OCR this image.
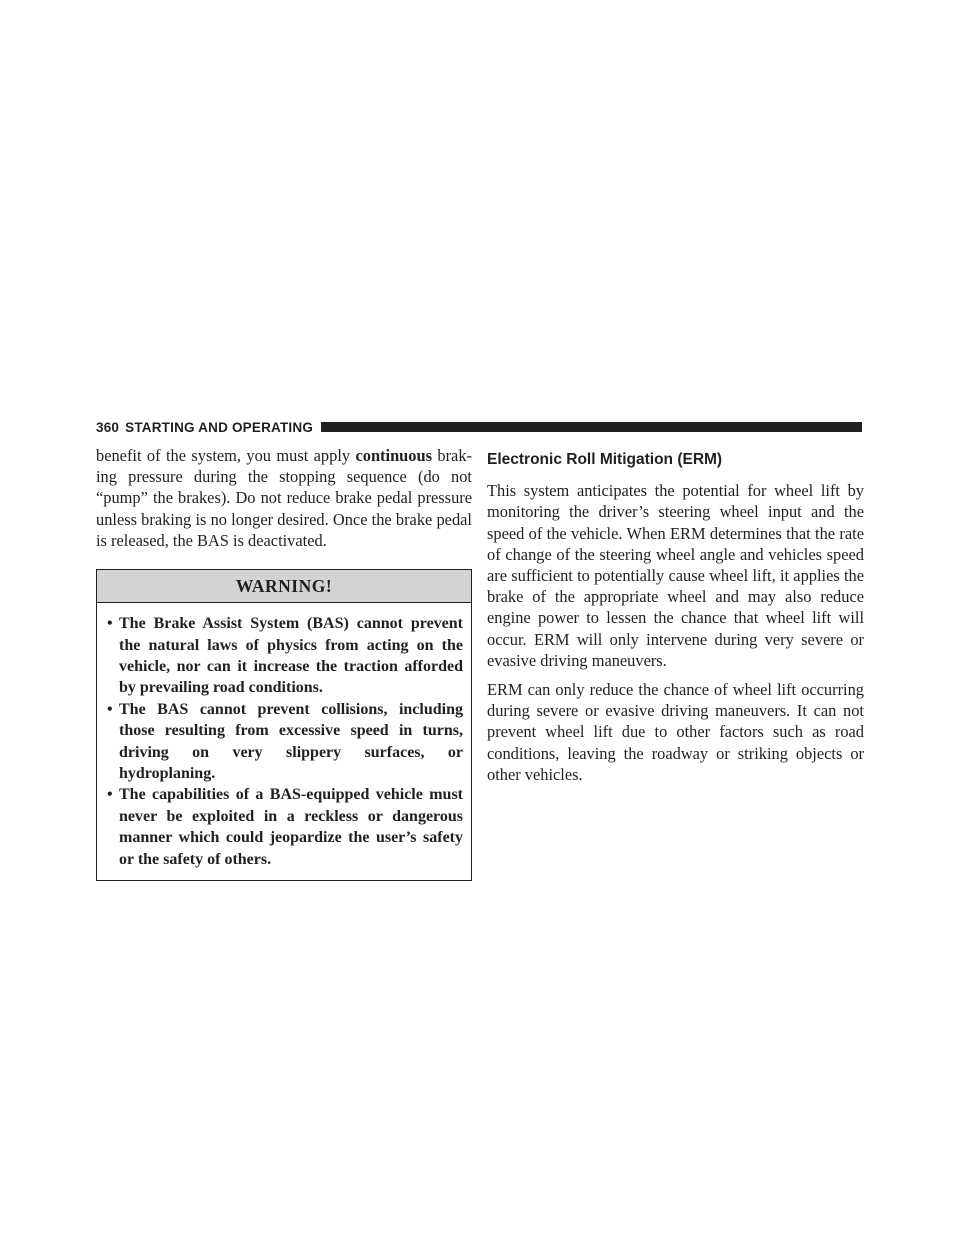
360 STARTING AND OPERATING

benefit of the system, you must apply continuous braking pressure during the stopping sequence (do not “pump” the brakes). Do not reduce brake pedal pressure unless braking is no longer desired. Once the brake pedal is released, the BAS is deactivated.

WARNING!
• The Brake Assist System (BAS) cannot prevent the natural laws of physics from acting on the vehicle, nor can it increase the traction afforded by prevailing road conditions.
• The BAS cannot prevent collisions, including those resulting from excessive speed in turns, driving on very slippery surfaces, or hydroplaning.
• The capabilities of a BAS-equipped vehicle must never be exploited in a reckless or dangerous manner which could jeopardize the user’s safety or the safety of others.
Electronic Roll Mitigation (ERM)

This system anticipates the potential for wheel lift by monitoring the driver’s steering wheel input and the speed of the vehicle. When ERM determines that the rate of change of the steering wheel angle and vehicles speed are sufficient to potentially cause wheel lift, it applies the brake of the appropriate wheel and may also reduce engine power to lessen the chance that wheel lift will occur. ERM will only intervene during very severe or evasive driving maneuvers.

ERM can only reduce the chance of wheel lift occurring during severe or evasive driving maneuvers. It can not prevent wheel lift due to other factors such as road conditions, leaving the roadway or striking objects or other vehicles.
